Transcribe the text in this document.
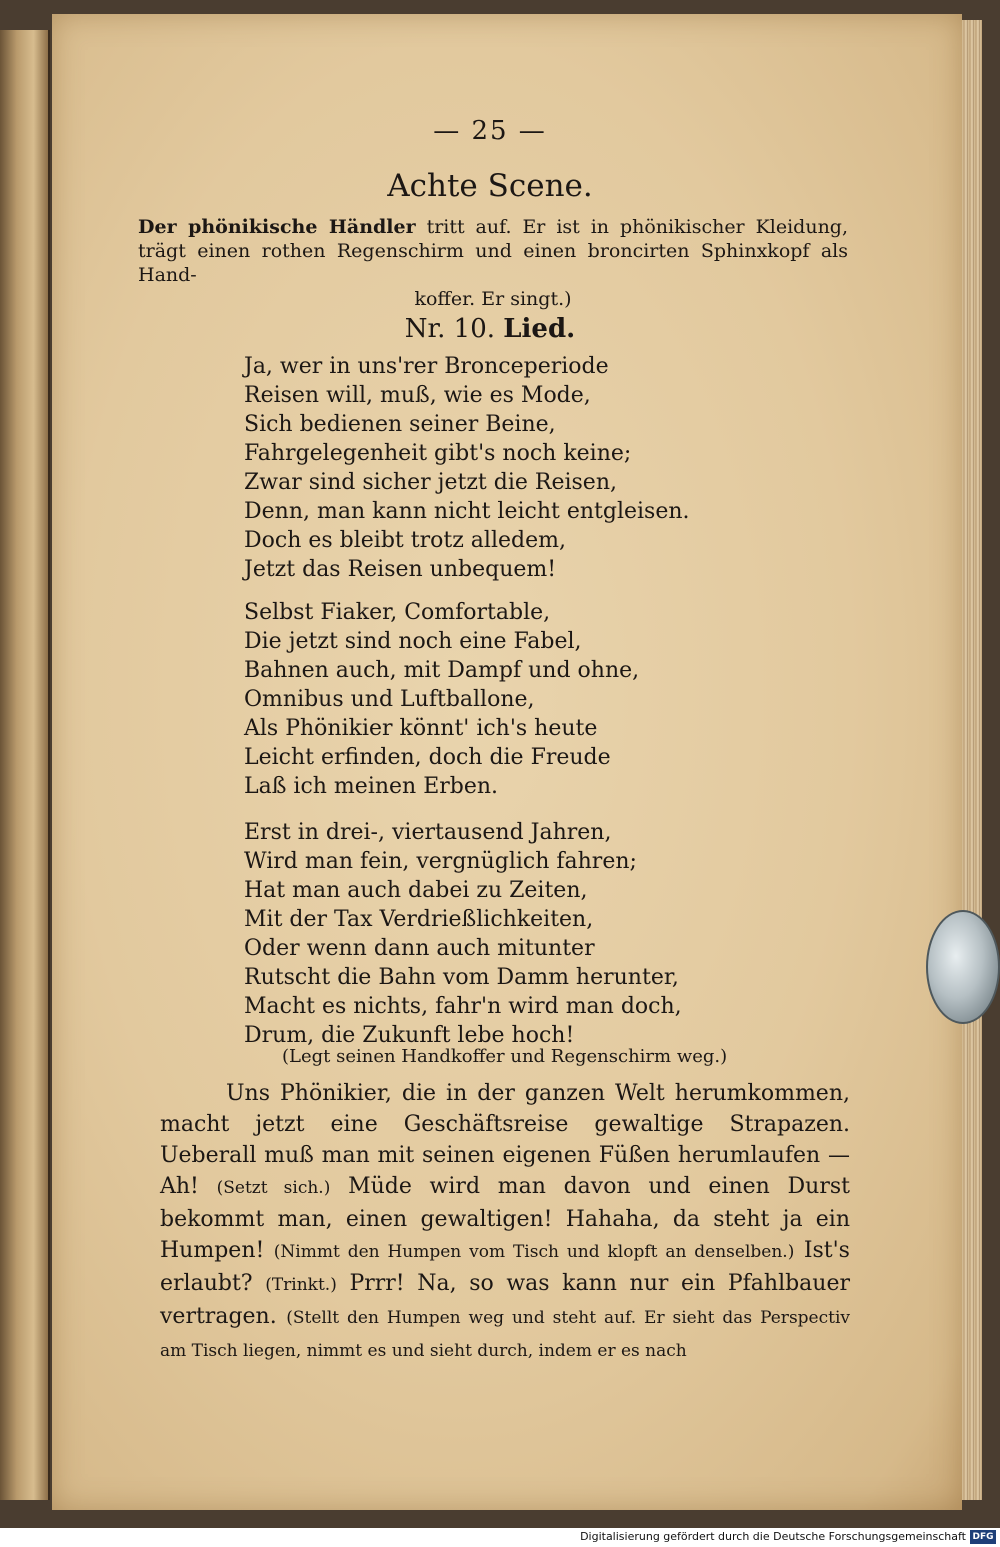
— 25 —
Achte Scene.
Der phönikische Händler tritt auf. Er ist in phönikischer Kleidung, trägt einen rothen Regenschirm und einen broncirten Sphinxkopf als Hand-
koffer. Er singt.)
Nr. 10. Lied.
Ja, wer in uns'rer Bronceperiode
Reisen will, muß, wie es Mode,
Sich bedienen seiner Beine,
Fahrgelegenheit gibt's noch keine;
Zwar sind sicher jetzt die Reisen,
Denn, man kann nicht leicht entgleisen.
Doch es bleibt trotz alledem,
Jetzt das Reisen unbequem!
Selbst Fiaker, Comfortable,
Die jetzt sind noch eine Fabel,
Bahnen auch, mit Dampf und ohne,
Omnibus und Luftballone,
Als Phönikier könnt' ich's heute
Leicht erfinden, doch die Freude
Laß ich meinen Erben.
Erst in drei-, viertausend Jahren,
Wird man fein, vergnüglich fahren;
Hat man auch dabei zu Zeiten,
Mit der Tax Verdrießlichkeiten,
Oder wenn dann auch mitunter
Rutscht die Bahn vom Damm herunter,
Macht es nichts, fahr'n wird man doch,
Drum, die Zukunft lebe hoch!
(Legt seinen Handkoffer und Regenschirm weg.)
Uns Phönikier, die in der ganzen Welt herumkommen, macht jetzt eine Geschäftsreise gewaltige Strapazen. Ueberall muß man mit seinen eigenen Füßen herumlaufen — Ah! (Setzt sich.) Müde wird man davon und einen Durst bekommt man, einen gewaltigen! Hahaha, da steht ja ein Humpen! (Nimmt den Humpen vom Tisch und klopft an denselben.) Ist's erlaubt? (Trinkt.) Prrr! Na, so was kann nur ein Pfahlbauer vertragen. (Stellt den Humpen weg und steht auf. Er sieht das Perspectiv am Tisch liegen, nimmt es und sieht durch, indem er es nach
Digitalisierung gefördert durch die Deutsche Forschungsgemeinschaft DFG
